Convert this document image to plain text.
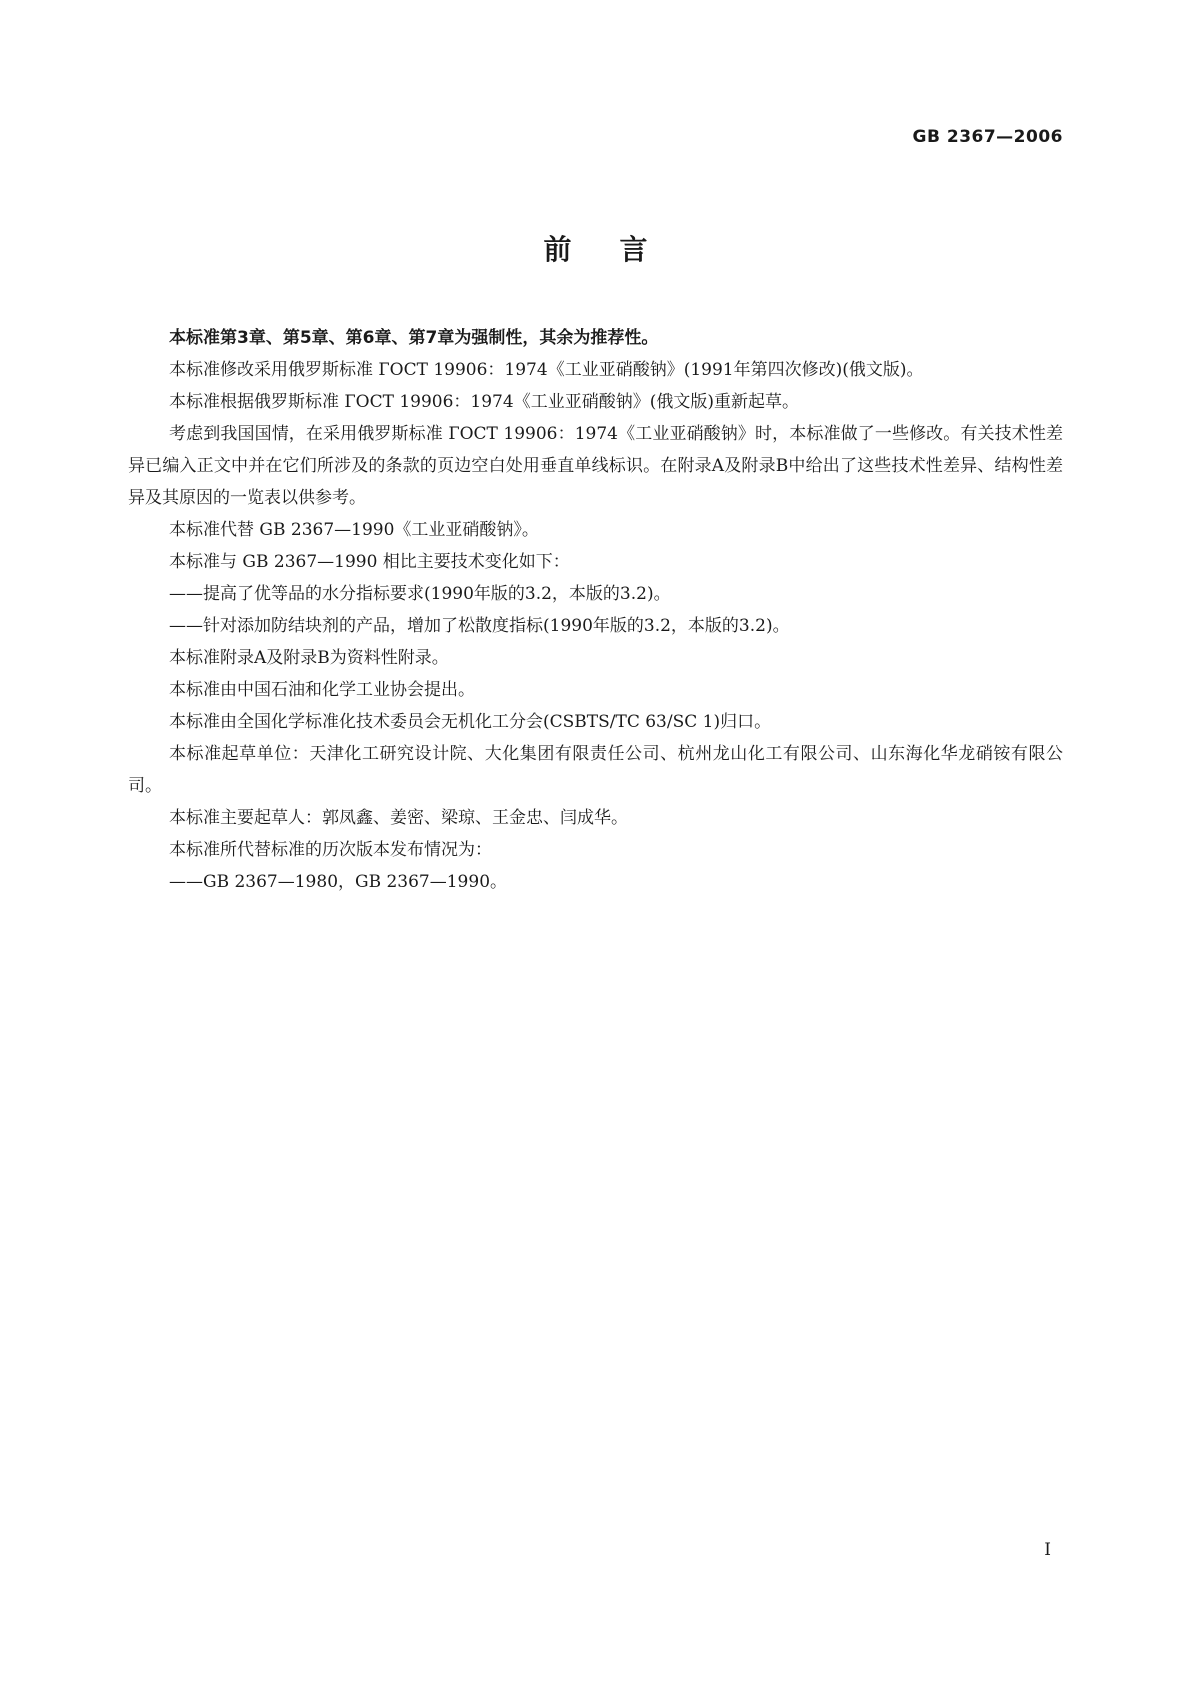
GB 2367—2006
前言

本标准第3章、第5章、第6章、第7章为强制性，其余为推荐性。

本标准修改采用俄罗斯标准 ГОСТ 19906：1974《工业亚硝酸钠》(1991年第四次修改)(俄文版)。

本标准根据俄罗斯标准 ГОСТ 19906：1974《工业亚硝酸钠》(俄文版)重新起草。

考虑到我国国情，在采用俄罗斯标准 ГОСТ 19906：1974《工业亚硝酸钠》时，本标准做了一些修改。有关技术性差异已编入正文中并在它们所涉及的条款的页边空白处用垂直单线标识。在附录A及附录B中给出了这些技术性差异、结构性差异及其原因的一览表以供参考。

本标准代替 GB 2367—1990《工业亚硝酸钠》。

本标准与 GB 2367—1990 相比主要技术变化如下：

——提高了优等品的水分指标要求(1990年版的3.2，本版的3.2)。

——针对添加防结块剂的产品，增加了松散度指标(1990年版的3.2，本版的3.2)。

本标准附录A及附录B为资料性附录。

本标准由中国石油和化学工业协会提出。

本标准由全国化学标准化技术委员会无机化工分会(CSBTS/TC 63/SC 1)归口。

本标准起草单位：天津化工研究设计院、大化集团有限责任公司、杭州龙山化工有限公司、山东海化华龙硝铵有限公司。

本标准主要起草人：郭凤鑫、姜密、梁琼、王金忠、闫成华。

本标准所代替标准的历次版本发布情况为：

——GB 2367—1980，GB 2367—1990。

I
